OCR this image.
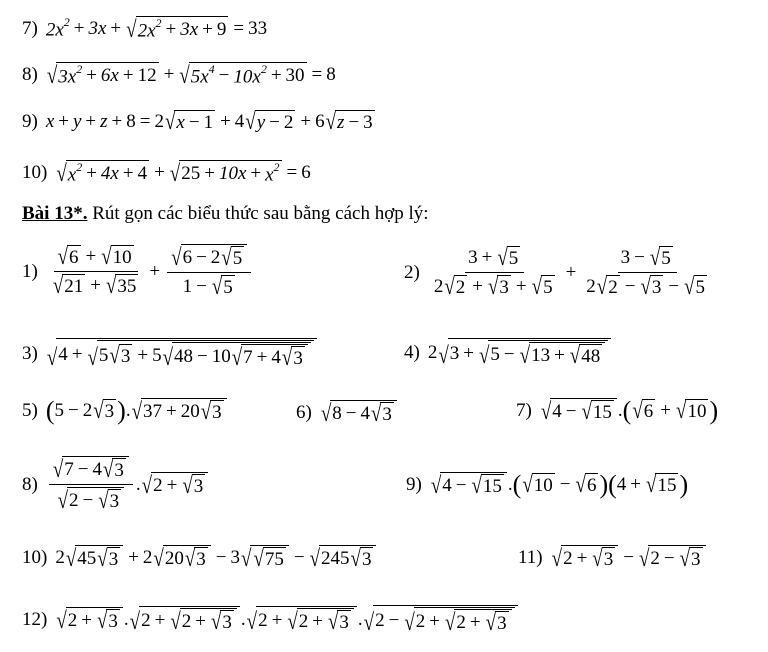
7) $2x^2 + 3x$ + √ $2x^2 + 3x + 9 = 33$
8) √ $3x^2 + 6x + 12$ + √ $5x^4 - 10x^2 + 30 = 8$
9) x + y + z + 8 = 2 √ x − 1 + 4 √ y − 2 + 6 √ z − 3
10) √ $x^2 + 4x + 4$ + √ $25 + 10x + x^2 = 6$
Bài 13*. Rút gọn các biểu thức sau bằng cách hợp lý:
$1) \frac{√ 6 + √ 10}{√ 21 + √ 35} + \frac{√ 6 - 2 √ 5}{1 - √ 5}$	$2) \frac{3 + √ 5}{2 √ 2 + √ 3 + √ 5} + \frac{3 - √ 5}{2 √ 2 - √ 3 - √ 5}$
3) √ 4 + √ 5 √ 3 + 5 √ 48 − 10 √ 7 + 4 √ 3	4) 2 √ 3 + √ 5 − √ 13 + √ 48
5) ( 5 − 2 √ 3 ) . √ 37 + 20 √ 3	6) √ 8 − 4 √ 3	7) √ 4 − √ 15 . ( √ 6 + √ 10 )
$8) \frac{√ 7 - 4 √ 3}{√ 2 - √ 3}$ . √ 2 + √ 3	9) √ 4 − √ 15 . ( √ 10 − √ 6 ) ( 4 + √ 15 )
10) 2 √ 45 √ 3 + 2 √ 20 √ 3 − 3 √ √ 75 − √ 245 √ 3	11) √ 2 + √ 3 − √ 2 − √ 3
12) √ 2 + √ 3 . √ 2 + √ 2 + √ 3 . √ 2 + √ 2 + √ 3 . √ 2 − √ 2 + √ 2 + √ 3
